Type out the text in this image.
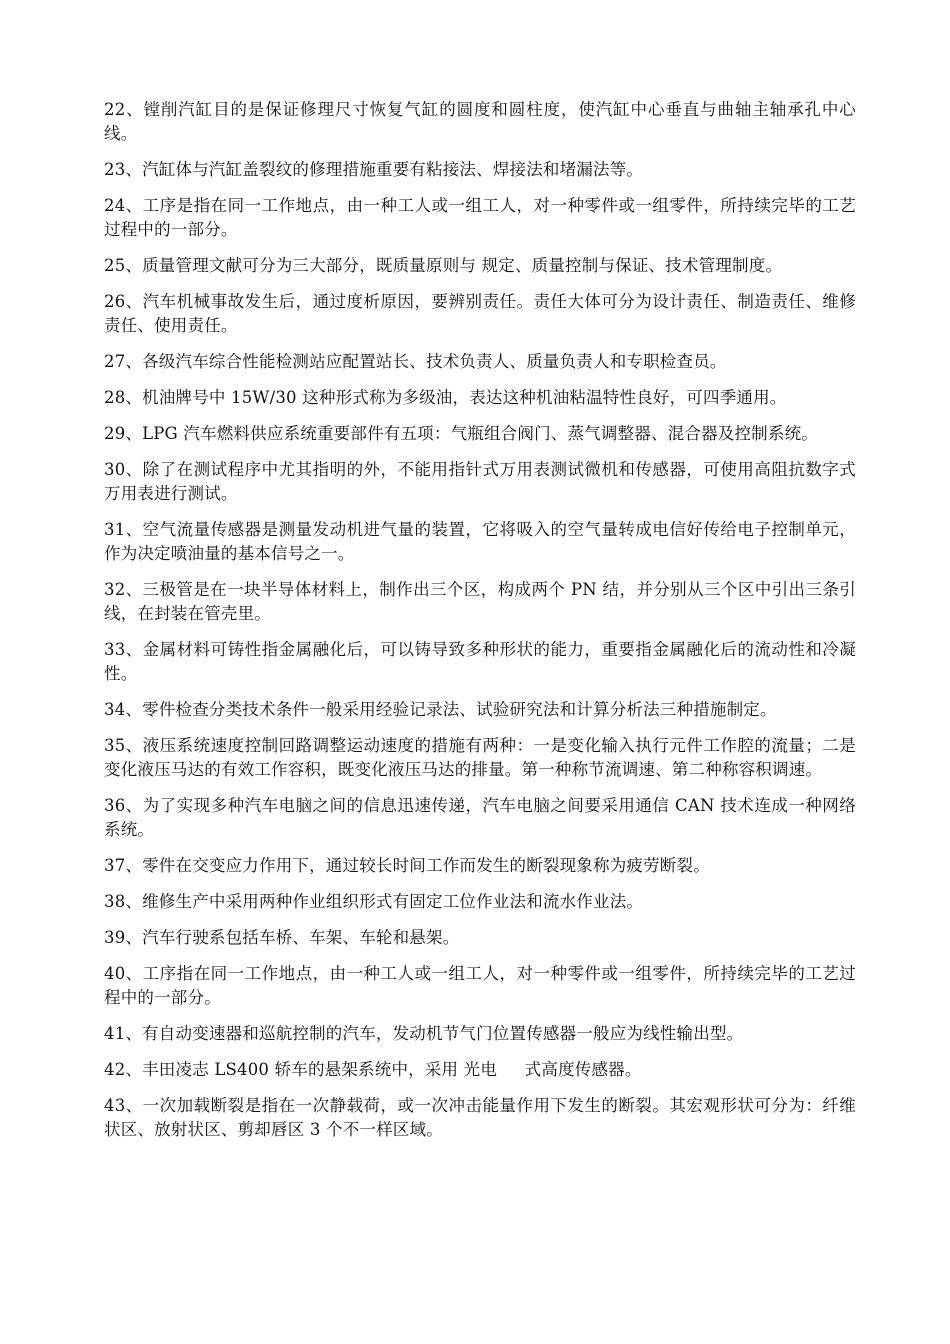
22、镗削汽缸目的是保证修理尺寸恢复气缸的圆度和圆柱度，使汽缸中心垂直与曲轴主轴承孔中心线。

23、汽缸体与汽缸盖裂纹的修理措施重要有粘接法、焊接法和堵漏法等。

24、工序是指在同一工作地点，由一种工人或一组工人，对一种零件或一组零件，所持续完毕的工艺过程中的一部分。

25、质量管理文献可分为三大部分，既质量原则与 规定、质量控制与保证、技术管理制度。

26、汽车机械事故发生后，通过度析原因，要辨别责任。责任大体可分为设计责任、制造责任、维修责任、使用责任。

27、各级汽车综合性能检测站应配置站长、技术负责人、质量负责人和专职检查员。

28、机油牌号中 15W/30 这种形式称为多级油，表达这种机油粘温特性良好，可四季通用。

29、LPG 汽车燃料供应系统重要部件有五项：气瓶组合阀门、蒸气调整器、混合器及控制系统。

30、除了在测试程序中尤其指明的外，不能用指针式万用表测试微机和传感器，可使用高阻抗数字式万用表进行测试。

31、空气流量传感器是测量发动机进气量的装置，它将吸入的空气量转成电信好传给电子控制单元，作为决定喷油量的基本信号之一。

32、三极管是在一块半导体材料上，制作出三个区，构成两个 PN 结，并分别从三个区中引出三条引线，在封装在管壳里。

33、金属材料可铸性指金属融化后，可以铸导致多种形状的能力，重要指金属融化后的流动性和冷凝性。

34、零件检查分类技术条件一般采用经验记录法、试验研究法和计算分析法三种措施制定。

35、液压系统速度控制回路调整运动速度的措施有两种：一是变化输入执行元件工作腔的流量；二是变化液压马达的有效工作容积，既变化液压马达的排量。第一种称节流调速、第二种称容积调速。

36、为了实现多种汽车电脑之间的信息迅速传递，汽车电脑之间要采用通信 CAN 技术连成一种网络系统。

37、零件在交变应力作用下，通过较长时间工作而发生的断裂现象称为疲劳断裂。

38、维修生产中采用两种作业组织形式有固定工位作业法和流水作业法。

39、汽车行驶系包括车桥、车架、车轮和悬架。

40、工序指在同一工作地点，由一种工人或一组工人，对一种零件或一组零件，所持续完毕的工艺过程中的一部分。

41、有自动变速器和巡航控制的汽车，发动机节气门位置传感器一般应为线性输出型。

42、丰田凌志 LS400 轿车的悬架系统中，采用 光电 　 式高度传感器。

43、一次加载断裂是指在一次静载荷，或一次冲击能量作用下发生的断裂。其宏观形状可分为：纤维状区、放射状区、剪却唇区 3 个不一样区域。
